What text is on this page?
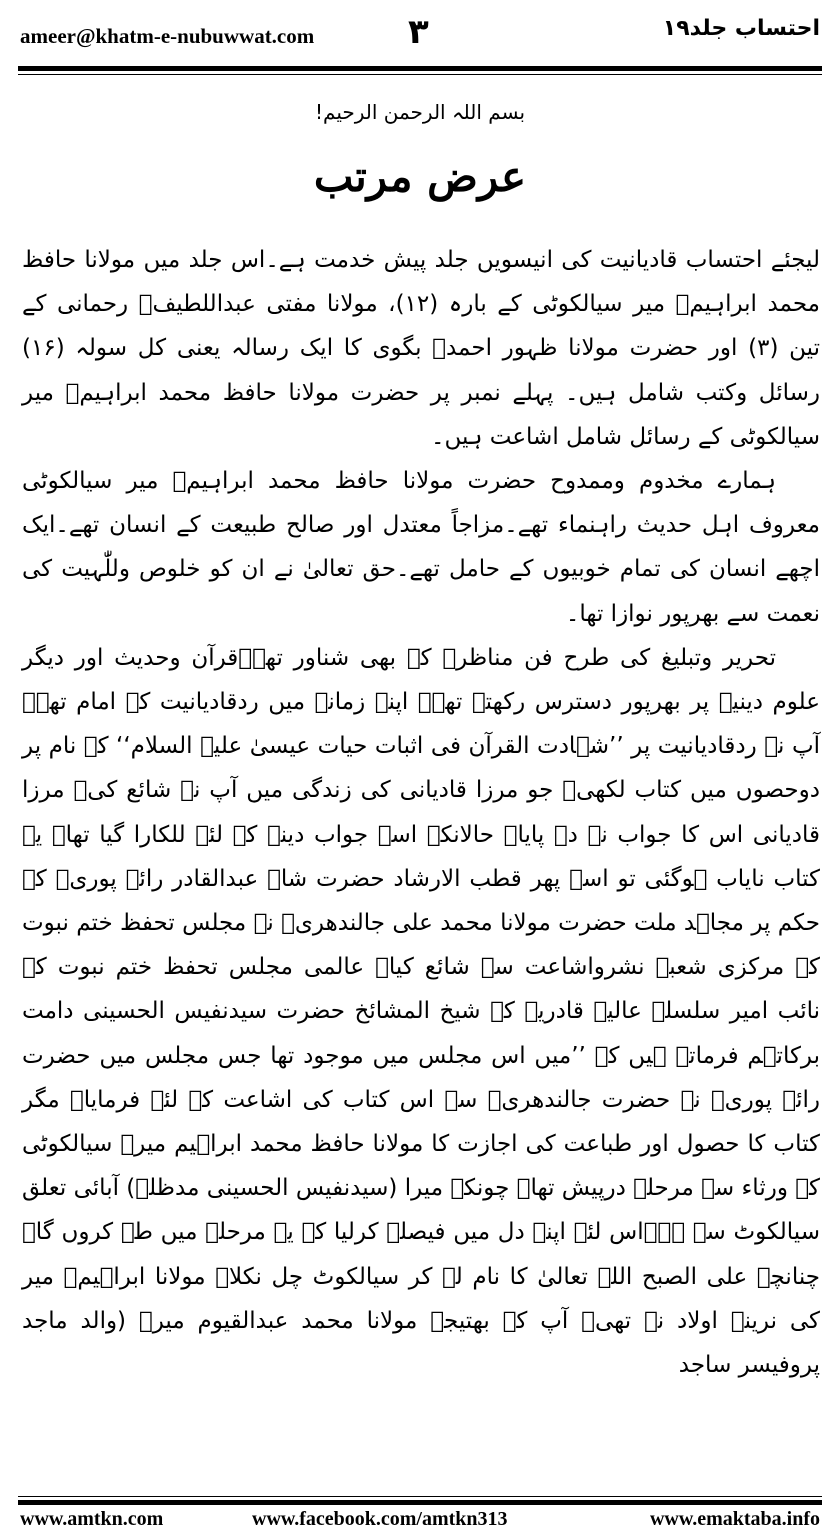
ameer@khatm-e-nubuwwat.com	۳	احتساب جلد۱۹
بسم اللہ الرحمن الرحیم!
عرض مرتب

لیجئے احتساب قادیانیت کی انیسویں جلد پیش خدمت ہے۔اس جلد میں مولانا حافظ محمد ابراہیمؒ میر سیالکوٹی کے بارہ (۱۲)، مولانا مفتی عبداللطیفؒ رحمانی کے تین (۳) اور حضرت مولانا ظہور احمدؒ بگوی کا ایک رسالہ یعنی کل سولہ (۱۶) رسائل وکتب شامل ہیں۔ پہلے نمبر پر حضرت مولانا حافظ محمد ابراہیمؒ میر سیالکوٹی کے رسائل شامل اشاعت ہیں۔

ہمارے مخدوم وممدوح حضرت مولانا حافظ محمد ابراہیمؒ میر سیالکوٹی معروف اہل حدیث راہنماء تھے۔مزاجاً معتدل اور صالح طبیعت کے انسان تھے۔ایک اچھے انسان کی تمام خوبیوں کے حامل تھے۔حق تعالیٰ نے ان کو خلوص وللّٰہیت کی نعمت سے بھرپور نوازا تھا۔

تحریر وتبلیغ کی طرح فن مناظرہ کے بھی شناور تھے۔قرآن وحدیث اور دیگر علوم دینیہ پر بھرپور دسترس رکھتے تھے۔ اپنے زمانہ میں ردقادیانیت کے امام تھے۔ آپ نے ردقادیانیت پر ’’شہادت القرآن فی اثبات حیات عیسیٰ علیہ السلام‘‘ کے نام پر دوحصوں میں کتاب لکھی۔ جو مرزا قادیانی کی زندگی میں آپ نے شائع کی۔ مرزا قادیانی اس کا جواب نہ دے پایا۔ حالانکہ اسے جواب دینے کے لئے للکارا گیا تھا۔ یہ کتاب نایاب ہوگئی تو اسے پھر قطب الارشاد حضرت شاہ عبدالقادر رائے پوریؒ کے حکم پر مجاہد ملت حضرت مولانا محمد علی جالندھریؒ نے مجلس تحفظ ختم نبوت کے مرکزی شعبہ نشرواشاعت سے شائع کیا۔ عالمی مجلس تحفظ ختم نبوت کے نائب امیر سلسلہ عالیہ قادریہ کے شیخ المشائخ حضرت سیدنفیس الحسینی دامت برکاتہم فرماتے ہیں کہ ’’میں اس مجلس میں موجود تھا جس مجلس میں حضرت رائے پوریؒ نے حضرت جالندھریؒ سے اس کتاب کی اشاعت کے لئے فرمایا۔ مگر کتاب کا حصول اور طباعت کی اجازت کا مولانا حافظ محمد ابراہیم میرؒ سیالکوٹی کے ورثاء سے مرحلہ درپیش تھا۔ چونکہ میرا (سیدنفیس الحسینی مدظلہ) آبائی تعلق سیالکوٹ سے ہے۔اس لئے اپنے دل میں فیصلہ کرلیا کہ یہ مرحلے میں طے کروں گا۔ چنانچہ علی الصبح اللہ تعالیٰ کا نام لے کر سیالکوٹ چل نکلا۔ مولانا ابراہیمؒ میر کی نرینہ اولاد نہ تھی۔ آپ کے بھتیجے مولانا محمد عبدالقیوم میرؒ (والد ماجد پروفیسر ساجد

www.amtkn.com	www.facebook.com/amtkn313	www.emaktaba.info
